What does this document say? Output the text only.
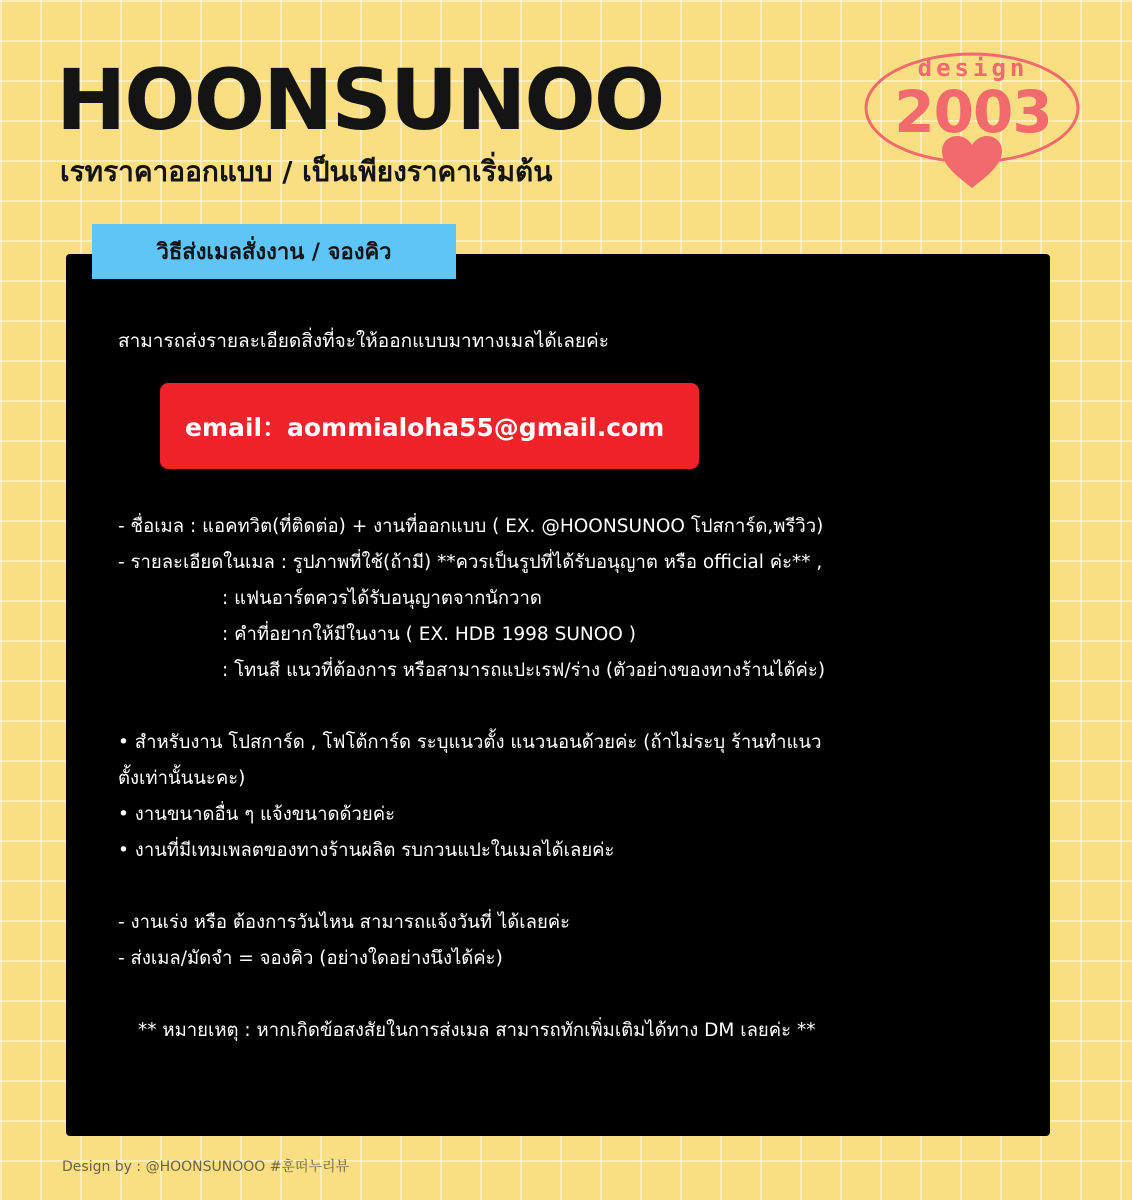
HOONSUNOO
เรทราคาออกแบบ / เป็นเพียงราคาเริ่มต้น
design
2003
วิธีส่งเมลสั่งงาน / จองคิว
สามารถส่งรายละเอียดสิ่งที่จะให้ออกแบบมาทางเมลได้เลยค่ะ
email：aommialoha55@gmail.com
- ชื่อเมล : แอคทวิต(ที่ติดต่อ) + งานที่ออกแบบ ( EX. @HOONSUNOO โปสการ์ด,พรีวิว)
- รายละเอียดในเมล : รูปภาพที่ใช้(ถ้ามี) **ควรเป็นรูปที่ได้รับอนุญาต หรือ official ค่ะ** ,
: แฟนอาร์ตควรได้รับอนุญาตจากนักวาด
: คำที่อยากให้มีในงาน ( EX. HDB 1998 SUNOO )
: โทนสี แนวที่ต้องการ หรือสามารถแปะเรฟ/ร่าง (ตัวอย่างของทางร้านได้ค่ะ)
• สำหรับงาน โปสการ์ด , โฟโต้การ์ด ระบุแนวตั้ง แนวนอนด้วยค่ะ (ถ้าไม่ระบุ ร้านทำแนว
ตั้งเท่านั้นนะคะ)
• งานขนาดอื่น ๆ แจ้งขนาดด้วยค่ะ
• งานที่มีเทมเพลตของทางร้านผลิต รบกวนแปะในเมลได้เลยค่ะ
- งานเร่ง หรือ ต้องการวันไหน สามารถแจ้งวันที่ ได้เลยค่ะ
- ส่งเมล/มัดจำ = จองคิว (อย่างใดอย่างนึงได้ค่ะ)
** หมายเหตุ : หากเกิดข้อสงสัยในการส่งเมล สามารถทักเพิ่มเติมได้ทาง DM เลยค่ะ **
Design by : @HOONSUNOOO #훈떠누리뷰
